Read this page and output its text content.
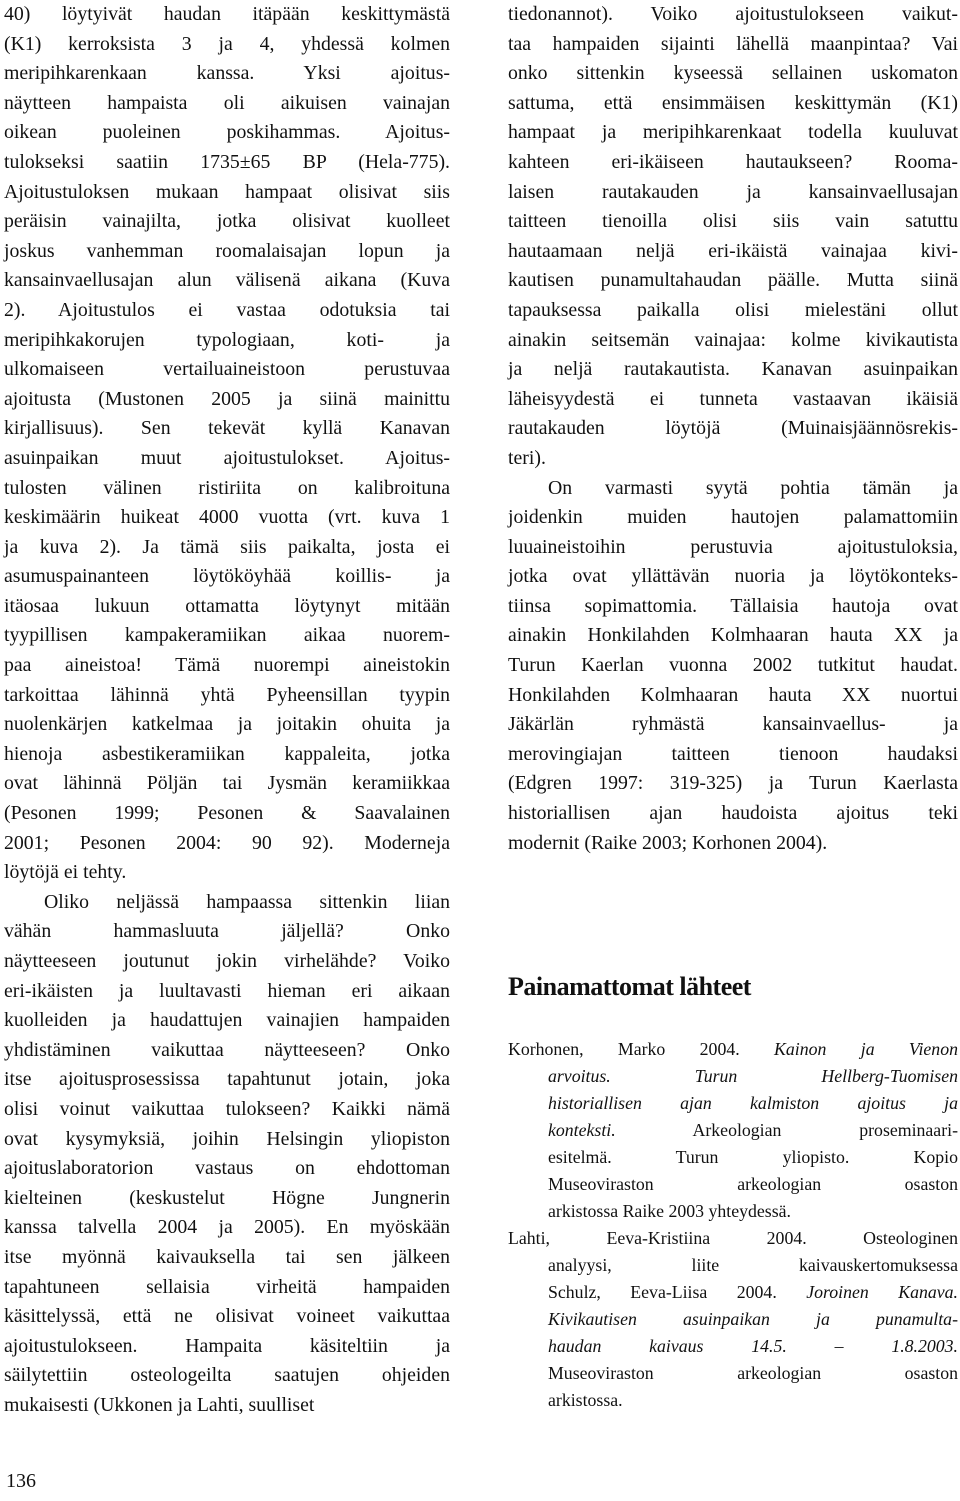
40) löytyivät haudan itäpään keskittymästä
(K1) kerroksista 3 ja 4, yhdessä kolmen
meripihkarenkaan kanssa. Yksi ajoitus-
näytteen hampaista oli aikuisen vainajan
oikean puoleinen poskihammas. Ajoitus-
tulokseksi saatiin 1735±65 BP (Hela-775).
Ajoitustuloksen mukaan hampaat olisivat siis
peräisin vainajilta, jotka olisivat kuolleet
joskus vanhemman roomalaisajan lopun ja
kansainvaellusajan alun välisenä aikana (Kuva
2). Ajoitustulos ei vastaa odotuksia tai
meripihkakorujen typologiaan, koti- ja
ulkomaiseen vertailuaineistoon perustuvaa
ajoitusta (Mustonen 2005 ja siinä mainittu
kirjallisuus). Sen tekevät kyllä Kanavan
asuinpaikan muut ajoitustulokset. Ajoitus-
tulosten välinen ristiriita on kalibroituna
keskimäärin huikeat 4000 vuotta (vrt. kuva 1
ja kuva 2). Ja tämä siis paikalta, josta ei
asumuspainanteen löytököyhää koillis- ja
itäosaa lukuun ottamatta löytynyt mitään
tyypillisen kampakeramiikan aikaa nuorem-
paa aineistoa! Tämä nuorempi aineistokin
tarkoittaa lähinnä yhtä Pyheensillan tyypin
nuolenkärjen katkelmaa ja joitakin ohuita ja
hienoja asbestikeramiikan kappaleita, jotka
ovat lähinnä Pöljän tai Jysmän keramiikkaa
(Pesonen 1999; Pesonen & Saavalainen
2001; Pesonen 2004: 90 92). Moderneja
löytöjä ei tehty.
Oliko neljässä hampaassa sittenkin liian
vähän hammasluuta jäljellä? Onko
näytteeseen joutunut jokin virhelähde? Voiko
eri-ikäisten ja luultavasti hieman eri aikaan
kuolleiden ja haudattujen vainajien hampaiden
yhdistäminen vaikuttaa näytteeseen? Onko
itse ajoitusprosessissa tapahtunut jotain, joka
olisi voinut vaikuttaa tulokseen? Kaikki nämä
ovat kysymyksiä, joihin Helsingin yliopiston
ajoituslaboratorion vastaus on ehdottoman
kielteinen (keskustelut Högne Jungnerin
kanssa talvella 2004 ja 2005). En myöskään
itse myönnä kaivauksella tai sen jälkeen
tapahtuneen sellaisia virheitä hampaiden
käsittelyssä, että ne olisivat voineet vaikuttaa
ajoitustulokseen. Hampaita käsiteltiin ja
säilytettiin osteologeilta saatujen ohjeiden
mukaisesti (Ukkonen ja Lahti, suulliset
tiedonannot). Voiko ajoitustulokseen vaikut-
taa hampaiden sijainti lähellä maanpintaa? Vai
onko sittenkin kyseessä sellainen uskomaton
sattuma, että ensimmäisen keskittymän (K1)
hampaat ja meripihkarenkaat todella kuuluvat
kahteen eri-ikäiseen hautaukseen? Rooma-
laisen rautakauden ja kansainvaellusajan
taitteen tienoilla olisi siis vain satuttu
hautaamaan neljä eri-ikäistä vainajaa kivi-
kautisen punamultahaudan päälle. Mutta siinä
tapauksessa paikalla olisi mielestäni ollut
ainakin seitsemän vainajaa: kolme kivikautista
ja neljä rautakautista. Kanavan asuinpaikan
läheisyydestä ei tunneta vastaavan ikäisiä
rautakauden löytöjä (Muinaisjäännösrekis-
teri).
On varmasti syytä pohtia tämän ja
joidenkin muiden hautojen palamattomiin
luuaineistoihin perustuvia ajoitustuloksia,
jotka ovat yllättävän nuoria ja löytökonteks-
tiinsa sopimattomia. Tällaisia hautoja ovat
ainakin Honkilahden Kolmhaaran hauta XX ja
Turun Kaerlan vuonna 2002 tutkitut haudat.
Honkilahden Kolmhaaran hauta XX nuortui
Jäkärlän ryhmästä kansainvaellus- ja
merovingiajan taitteen tienoon haudaksi
(Edgren 1997: 319-325) ja Turun Kaerlasta
historiallisen ajan haudoista ajoitus teki
modernit (Raike 2003; Korhonen 2004).
Painamattomat lähteet
Korhonen, Marko 2004. Kainon ja Vienon
arvoitus. Turun Hellberg-Tuomisen
historiallisen ajan kalmiston ajoitus ja
konteksti. Arkeologian proseminaari-
esitelmä. Turun yliopisto. Kopio
Museoviraston arkeologian osaston
arkistossa Raike 2003 yhteydessä.
Lahti, Eeva-Kristiina 2004. Osteologinen
analyysi, liite kaivauskertomuksessa
Schulz, Eeva-Liisa 2004. Joroinen Kanava.
Kivikautisen asuinpaikan ja punamulta-
haudan kaivaus 14.5. – 1.8.2003.
Museoviraston arkeologian osaston
arkistossa.
136
